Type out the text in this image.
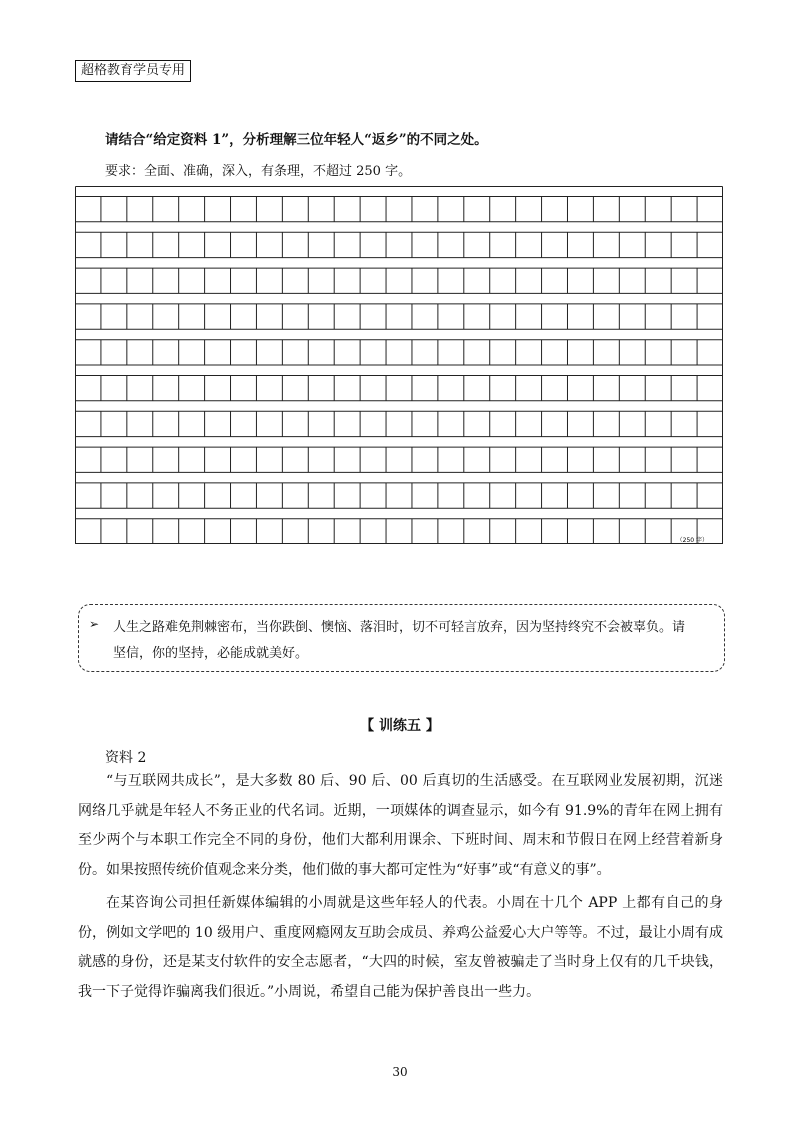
超格教育学员专用
请结合“给定资料 1”，分析理解三位年轻人“返乡”的不同之处。
要求：全面、准确，深入，有条理，不超过 250 字。
（250 字）
➢ 人生之路难免荆棘密布，当你跌倒、懊恼、落泪时，切不可轻言放弃，因为坚持终究不会被辜负。请
坚信，你的坚持，必能成就美好。
【 训练五 】
资料 2

“与互联网共成长”，是大多数 80 后、90 后、00 后真切的生活感受。在互联网业发展初期，沉迷网络几乎就是年轻人不务正业的代名词。近期，一项媒体的调查显示，如今有 91.9%的青年在网上拥有至少两个与本职工作完全不同的身份，他们大都利用课余、下班时间、周末和节假日在网上经营着新身份。如果按照传统价值观念来分类，他们做的事大都可定性为“好事”或“有意义的事”。

在某咨询公司担任新媒体编辑的小周就是这些年轻人的代表。小周在十几个 APP 上都有自己的身份，例如文学吧的 10 级用户、重度网瘾网友互助会成员、养鸡公益爱心大户等等。不过，最让小周有成就感的身份，还是某支付软件的安全志愿者，“大四的时候，室友曾被骗走了当时身上仅有的几千块钱，我一下子觉得诈骗离我们很近。”小周说，希望自己能为保护善良出一些力。

30
